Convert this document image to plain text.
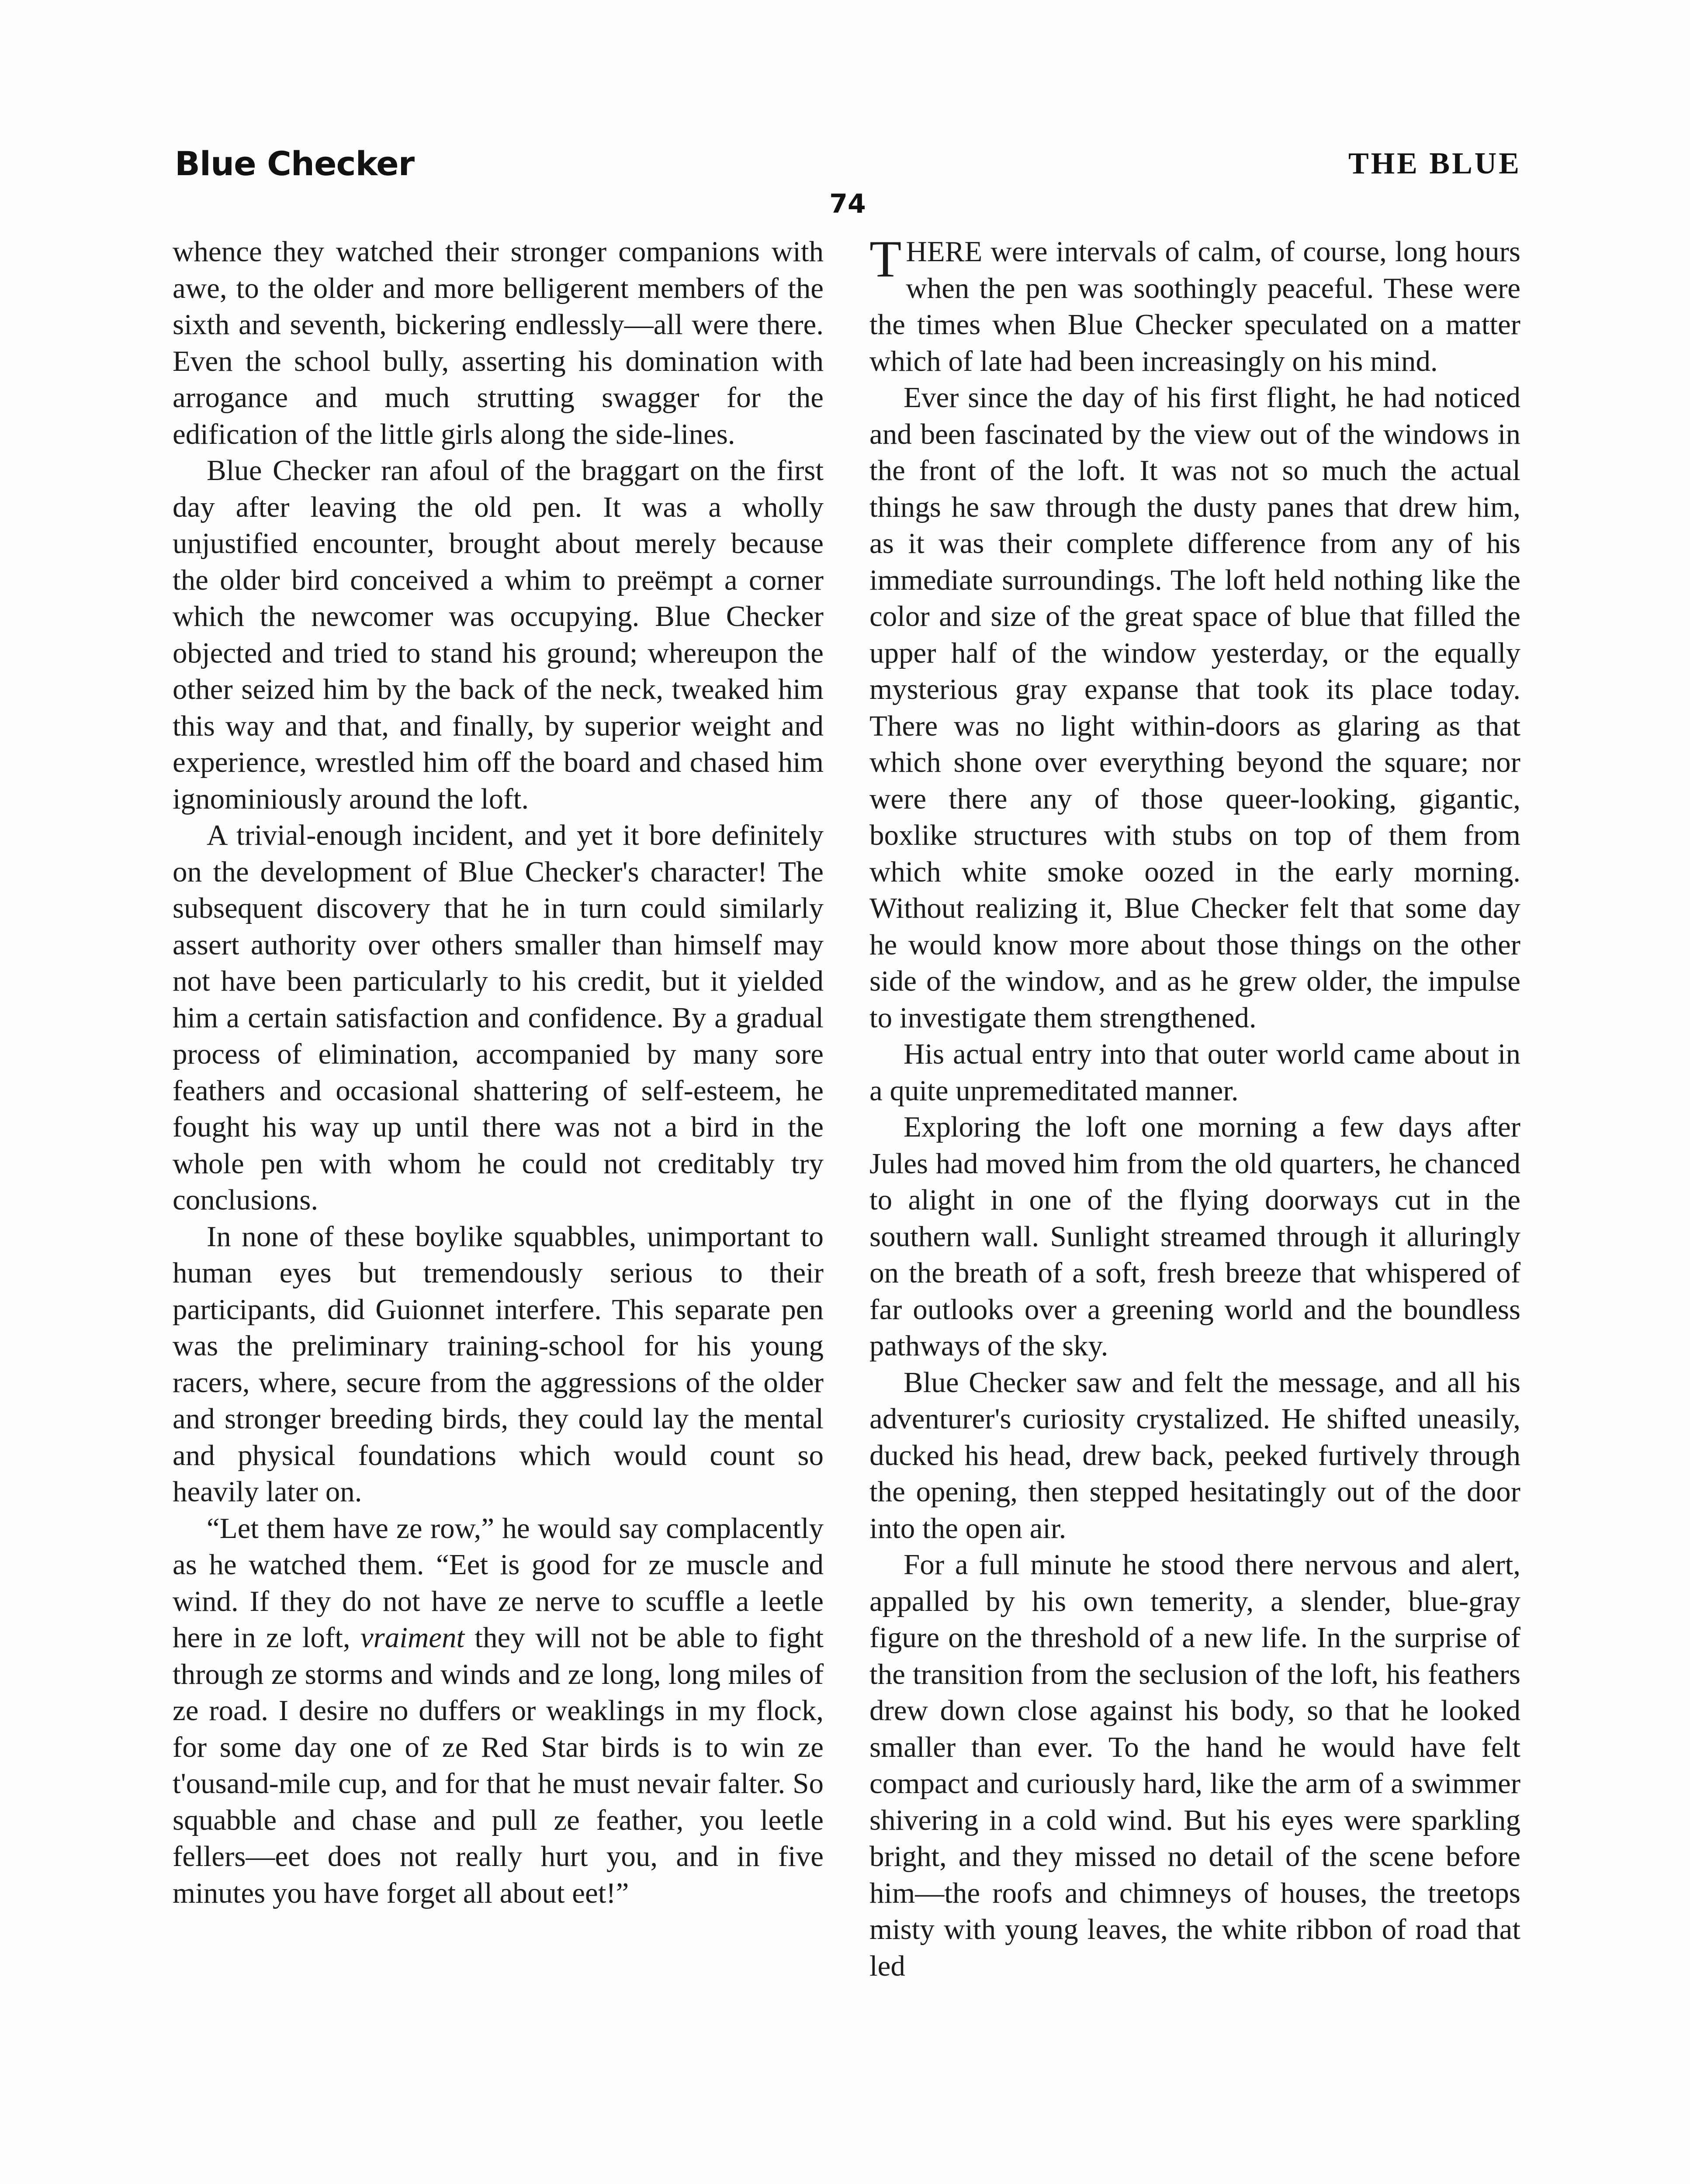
Blue Checker	THE BLUE
74

whence they watched their stronger companions with awe, to the older and more belligerent members of the sixth and seventh, bickering endlessly—all were there. Even the school bully, asserting his domination with arrogance and much strutting swagger for the edification of the little girls along the side-lines.

Blue Checker ran afoul of the braggart on the first day after leaving the old pen. It was a wholly unjustified encounter, brought about merely because the older bird conceived a whim to preëmpt a corner which the newcomer was occupying. Blue Checker objected and tried to stand his ground; whereupon the other seized him by the back of the neck, tweaked him this way and that, and finally, by superior weight and experience, wrestled him off the board and chased him ignominiously around the loft.

A trivial-enough incident, and yet it bore definitely on the development of Blue Checker's character! The subsequent discovery that he in turn could similarly assert authority over others smaller than himself may not have been particularly to his credit, but it yielded him a certain satisfaction and confidence. By a gradual process of elimination, accompanied by many sore feathers and occasional shattering of self-esteem, he fought his way up until there was not a bird in the whole pen with whom he could not creditably try conclusions.

In none of these boylike squabbles, unimportant to human eyes but tremendously serious to their participants, did Guionnet interfere. This separate pen was the preliminary training-school for his young racers, where, secure from the aggressions of the older and stronger breeding birds, they could lay the mental and physical foundations which would count so heavily later on.

“Let them have ze row,” he would say complacently as he watched them. “Eet is good for ze muscle and wind. If they do not have ze nerve to scuffle a leetle here in ze loft, vraiment they will not be able to fight through ze storms and winds and ze long, long miles of ze road. I desire no duffers or weaklings in my flock, for some day one of ze Red Star birds is to win ze t'ousand-mile cup, and for that he must nevair falter. So squabble and chase and pull ze feather, you leetle fellers—eet does not really hurt you, and in five minutes you have forget all about eet!”

THERE were intervals of calm, of course, long hours when the pen was soothingly peaceful. These were the times when Blue Checker speculated on a matter which of late had been increasingly on his mind.

Ever since the day of his first flight, he had noticed and been fascinated by the view out of the windows in the front of the loft. It was not so much the actual things he saw through the dusty panes that drew him, as it was their complete difference from any of his immediate surroundings. The loft held nothing like the color and size of the great space of blue that filled the upper half of the window yesterday, or the equally mysterious gray expanse that took its place today. There was no light within-doors as glaring as that which shone over everything beyond the square; nor were there any of those queer-looking, gigantic, boxlike structures with stubs on top of them from which white smoke oozed in the early morning. Without realizing it, Blue Checker felt that some day he would know more about those things on the other side of the window, and as he grew older, the impulse to investigate them strengthened.

His actual entry into that outer world came about in a quite unpremeditated manner.

Exploring the loft one morning a few days after Jules had moved him from the old quarters, he chanced to alight in one of the flying doorways cut in the southern wall. Sunlight streamed through it alluringly on the breath of a soft, fresh breeze that whispered of far outlooks over a greening world and the boundless pathways of the sky.

Blue Checker saw and felt the message, and all his adventurer's curiosity crystalized. He shifted uneasily, ducked his head, drew back, peeked furtively through the opening, then stepped hesitatingly out of the door into the open air.

For a full minute he stood there nervous and alert, appalled by his own temerity, a slender, blue-gray figure on the threshold of a new life. In the surprise of the transition from the seclusion of the loft, his feathers drew down close against his body, so that he looked smaller than ever. To the hand he would have felt compact and curiously hard, like the arm of a swimmer shivering in a cold wind. But his eyes were sparkling bright, and they missed no detail of the scene before him—the roofs and chimneys of houses, the treetops misty with young leaves, the white ribbon of road that led
